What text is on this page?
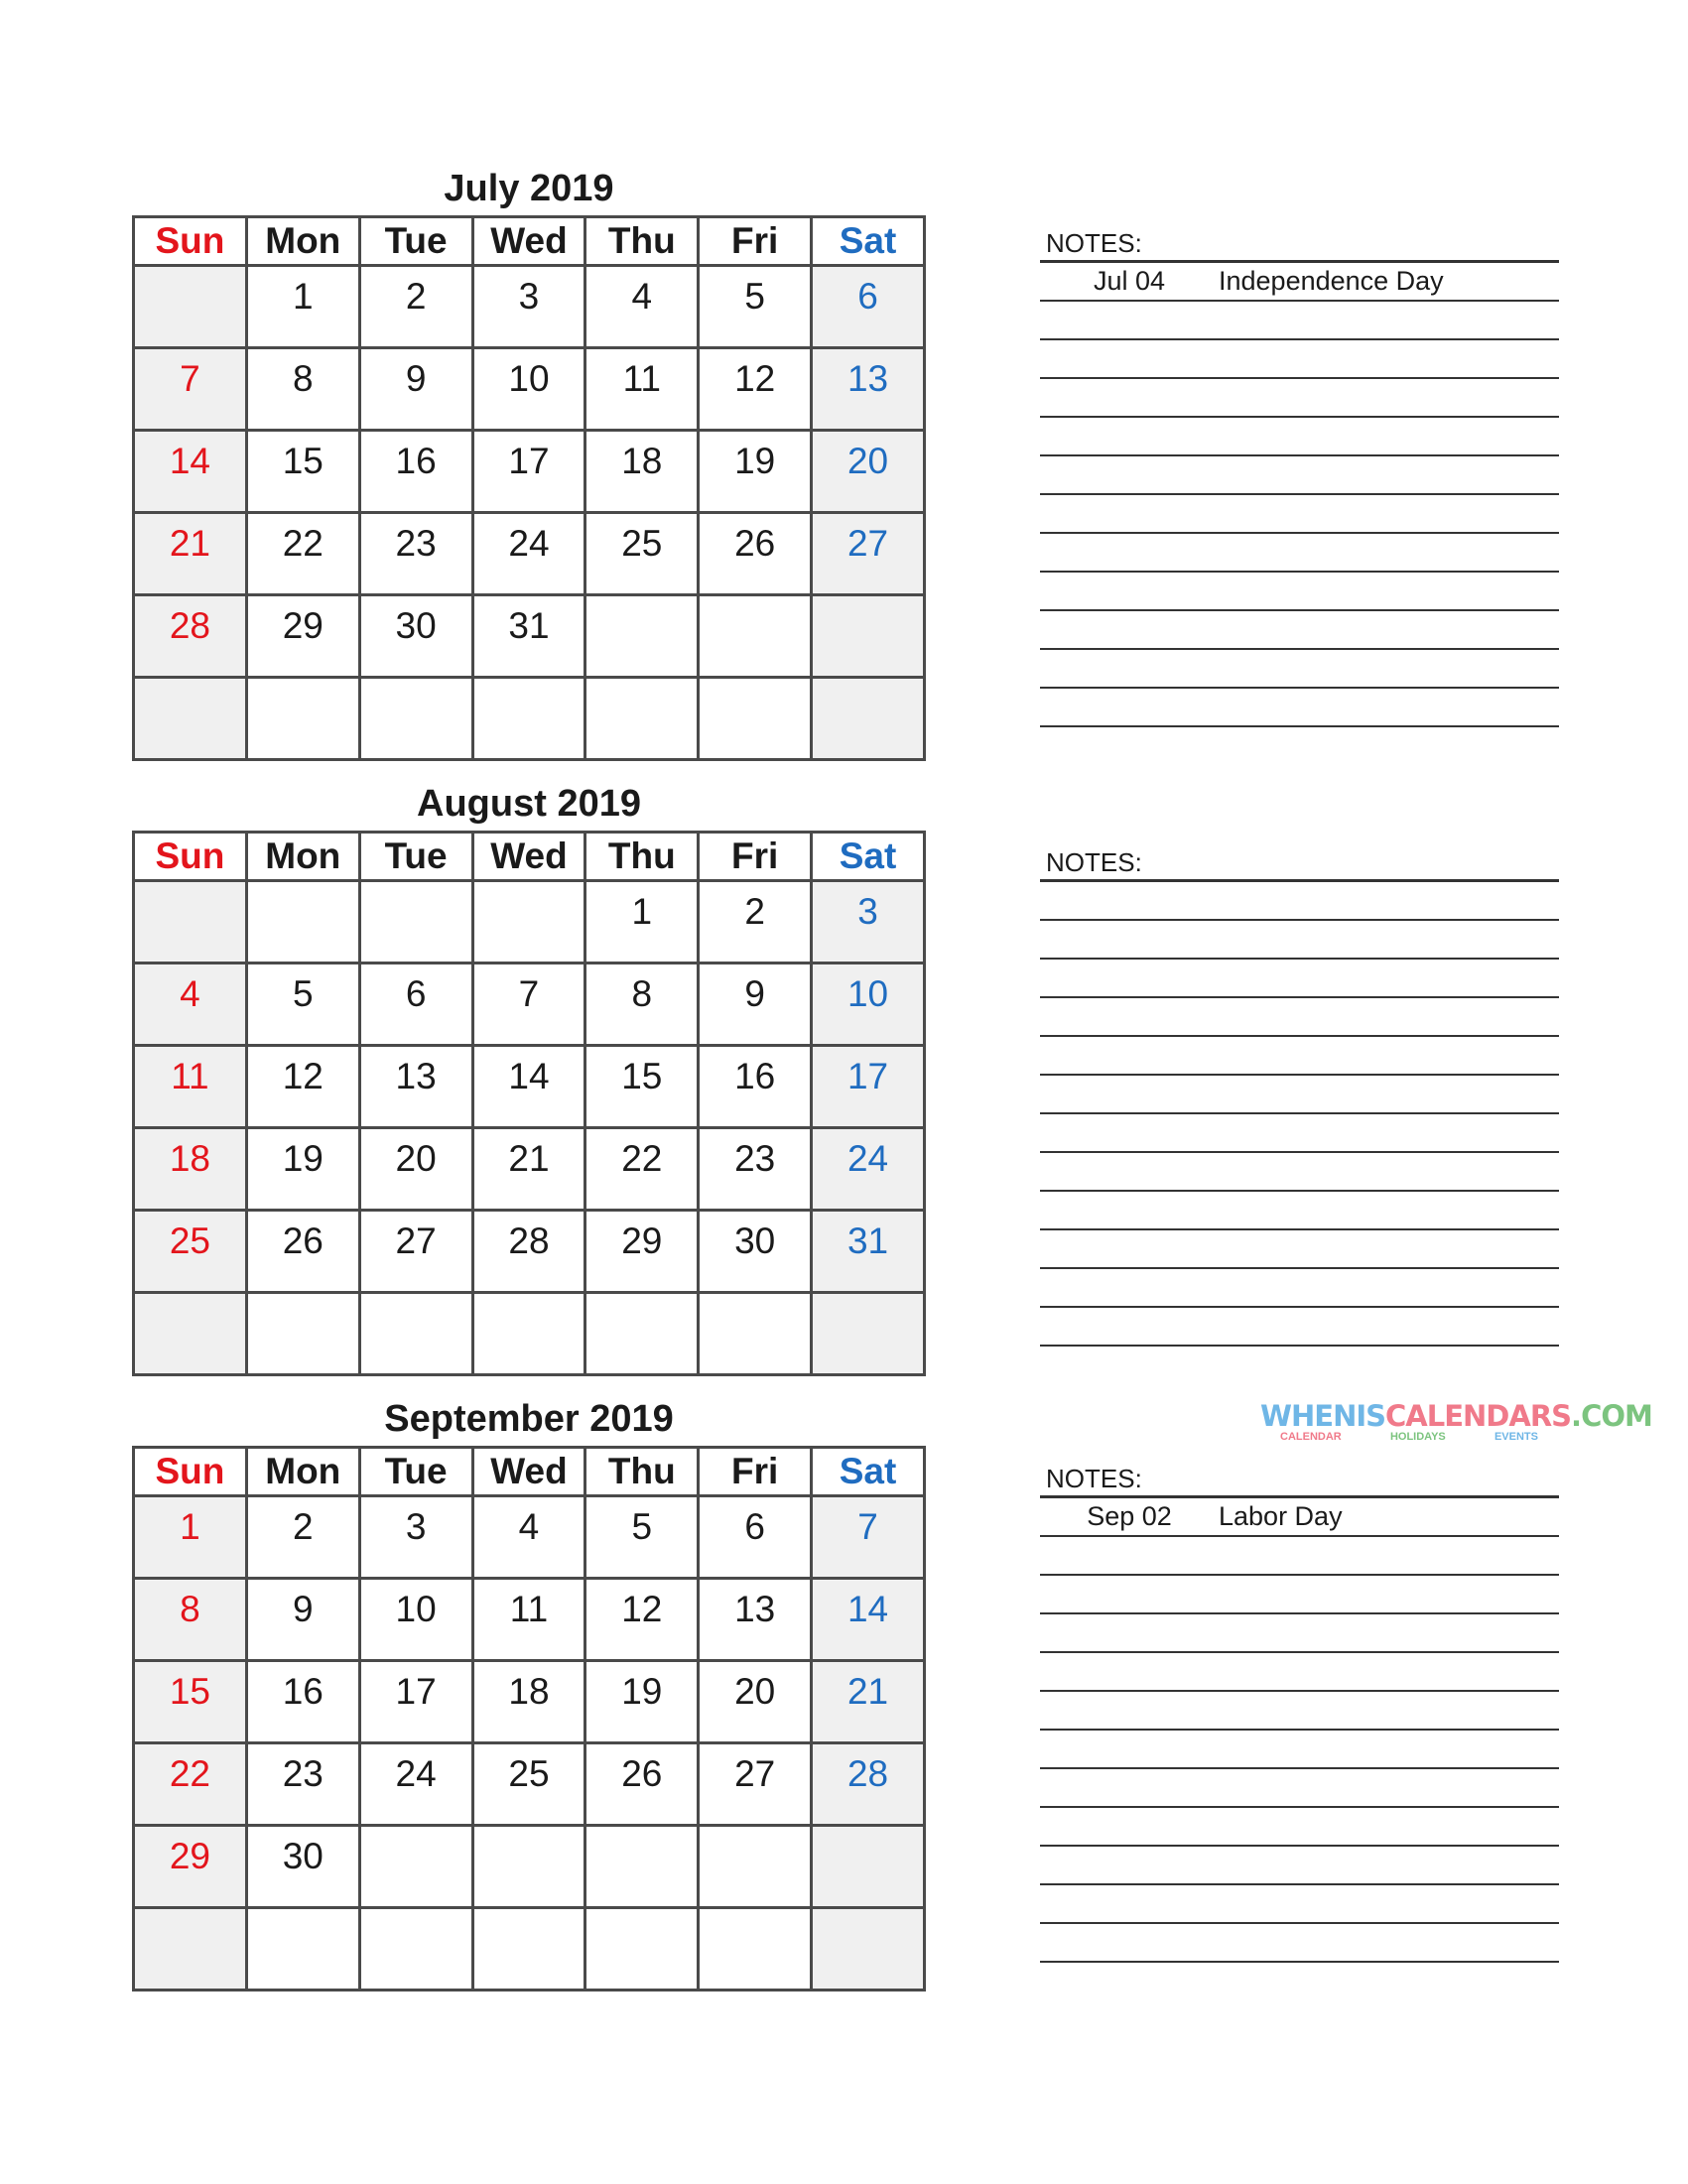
July 2019
Sun	Mon	Tue	Wed	Thu	Fri	Sat

	1	2	3	4	5	6

7	8	9	10	11	12	13

14	15	16	17	18	19	20

21	22	23	24	25	26	27

28	29	30	31			

August 2019
Sun	Mon	Tue	Wed	Thu	Fri	Sat

				1	2	3

4	5	6	7	8	9	10

11	12	13	14	15	16	17

18	19	20	21	22	23	24

25	26	27	28	29	30	31

September 2019
Sun	Mon	Tue	Wed	Thu	Fri	Sat

1	2	3	4	5	6	7

8	9	10	11	12	13	14

15	16	17	18	19	20	21

22	23	24	25	26	27	28

29	30					

NOTES:
Jul 04	Independence Day
NOTES:
NOTES:
Sep 02	Labor Day
WHENISCALENDARS.COM
CALENDAR	HOLIDAYS	EVENTS
